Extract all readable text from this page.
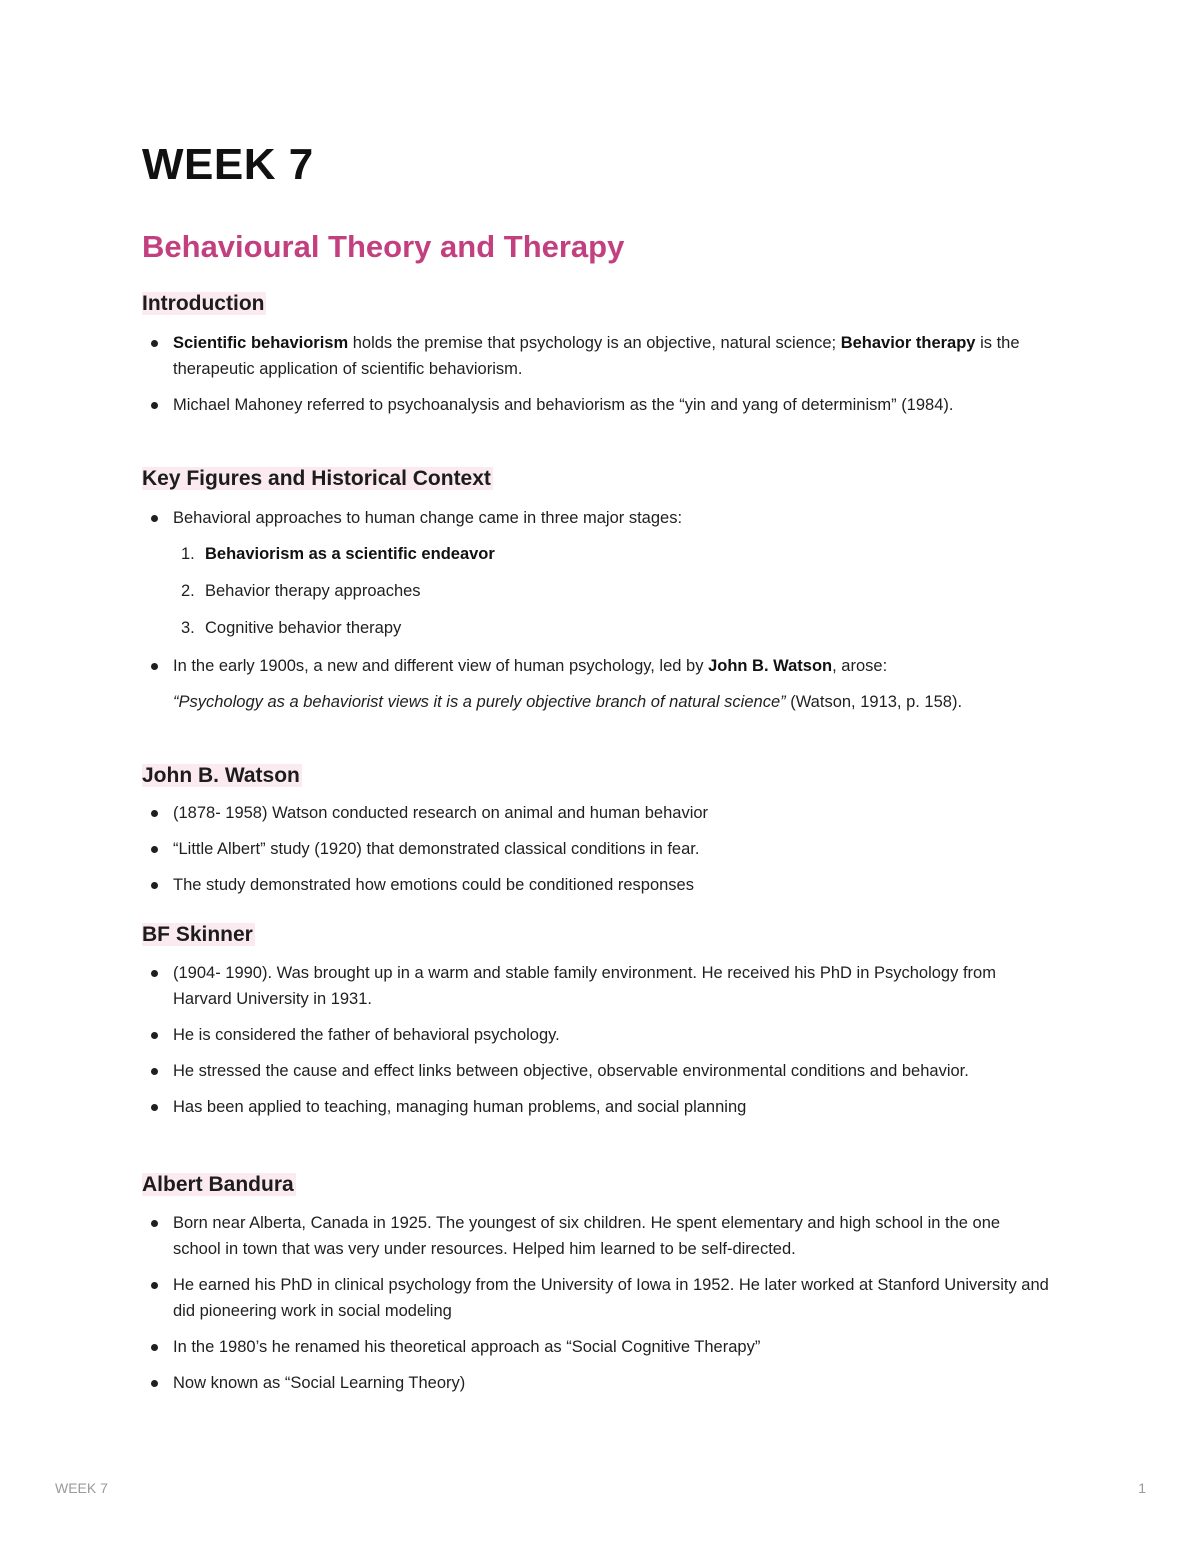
WEEK 7
Behavioural Theory and Therapy
Introduction
Scientific behaviorism holds the premise that psychology is an objective, natural science; Behavior therapy is the therapeutic application of scientific behaviorism.
Michael Mahoney referred to psychoanalysis and behaviorism as the “yin and yang of determinism” (1984).
Key Figures and Historical Context
Behavioral approaches to human change came in three major stages:
1. Behaviorism as a scientific endeavor
2. Behavior therapy approaches
3. Cognitive behavior therapy
In the early 1900s, a new and different view of human psychology, led by John B. Watson, arose:

“Psychology as a behaviorist views it is a purely objective branch of natural science” (Watson, 1913, p. 158).

John B. Watson
(1878- 1958) Watson conducted research on animal and human behavior
“Little Albert” study (1920) that demonstrated classical conditions in fear.
The study demonstrated how emotions could be conditioned responses
BF Skinner
(1904- 1990). Was brought up in a warm and stable family environment. He received his PhD in Psychology from Harvard University in 1931.
He is considered the father of behavioral psychology.
He stressed the cause and effect links between objective, observable environmental conditions and behavior.
Has been applied to teaching, managing human problems, and social planning
Albert Bandura
Born near Alberta, Canada in 1925. The youngest of six children. He spent elementary and high school in the one school in town that was very under resources. Helped him learned to be self-directed.
He earned his PhD in clinical psychology from the University of Iowa in 1952. He later worked at Stanford University and did pioneering work in social modeling
In the 1980’s he renamed his theoretical approach as “Social Cognitive Therapy”
Now known as “Social Learning Theory)
WEEK 7	1
